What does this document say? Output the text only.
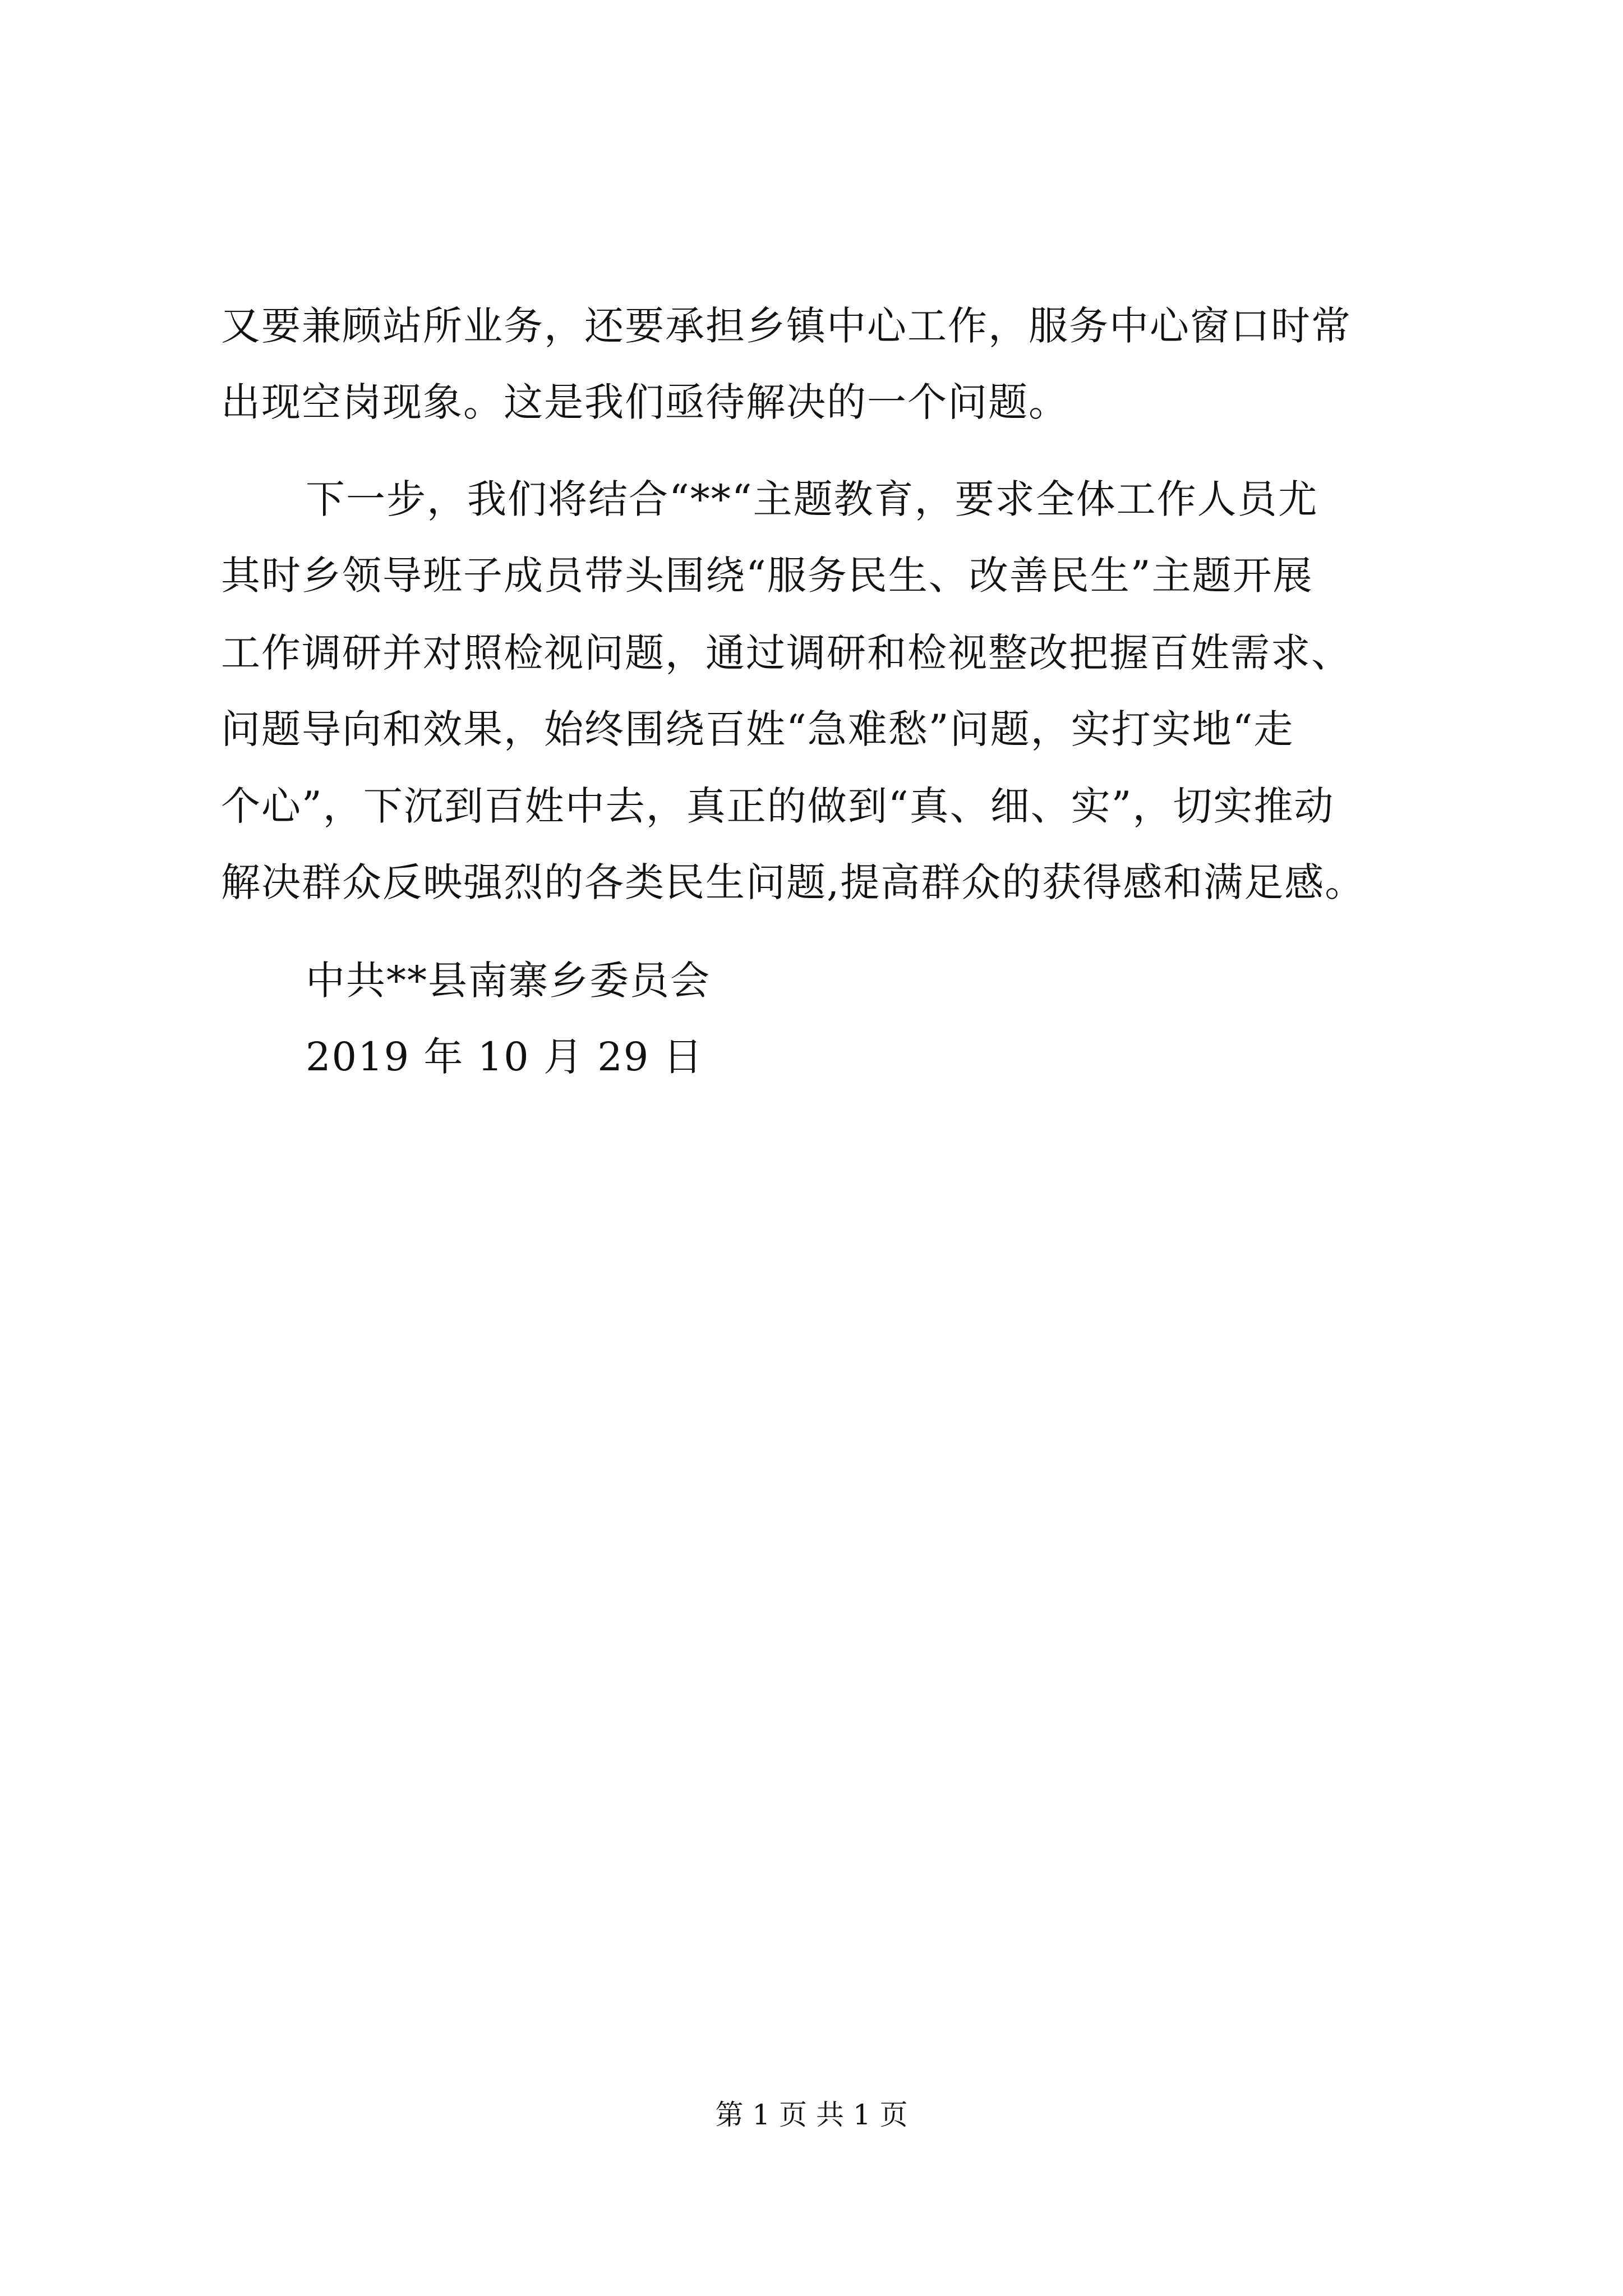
又要兼顾站所业务，还要承担乡镇中心工作，服务中心窗口时常
出现空岗现象。这是我们亟待解决的一个问题。
下一步，我们将结合“**“主题教育，要求全体工作人员尤
其时乡领导班子成员带头围绕“服务民生、改善民生”主题开展
工作调研并对照检视问题，通过调研和检视整改把握百姓需求、
问题导向和效果，始终围绕百姓“急难愁”问题，实打实地“走
个心”，下沉到百姓中去，真正的做到“真、细、实”，切实推动
解决群众反映强烈的各类民生问题,提高群众的获得感和满足感。
中共**县南寨乡委员会
2019 年 10 月 29 日
第 1 页 共 1 页
